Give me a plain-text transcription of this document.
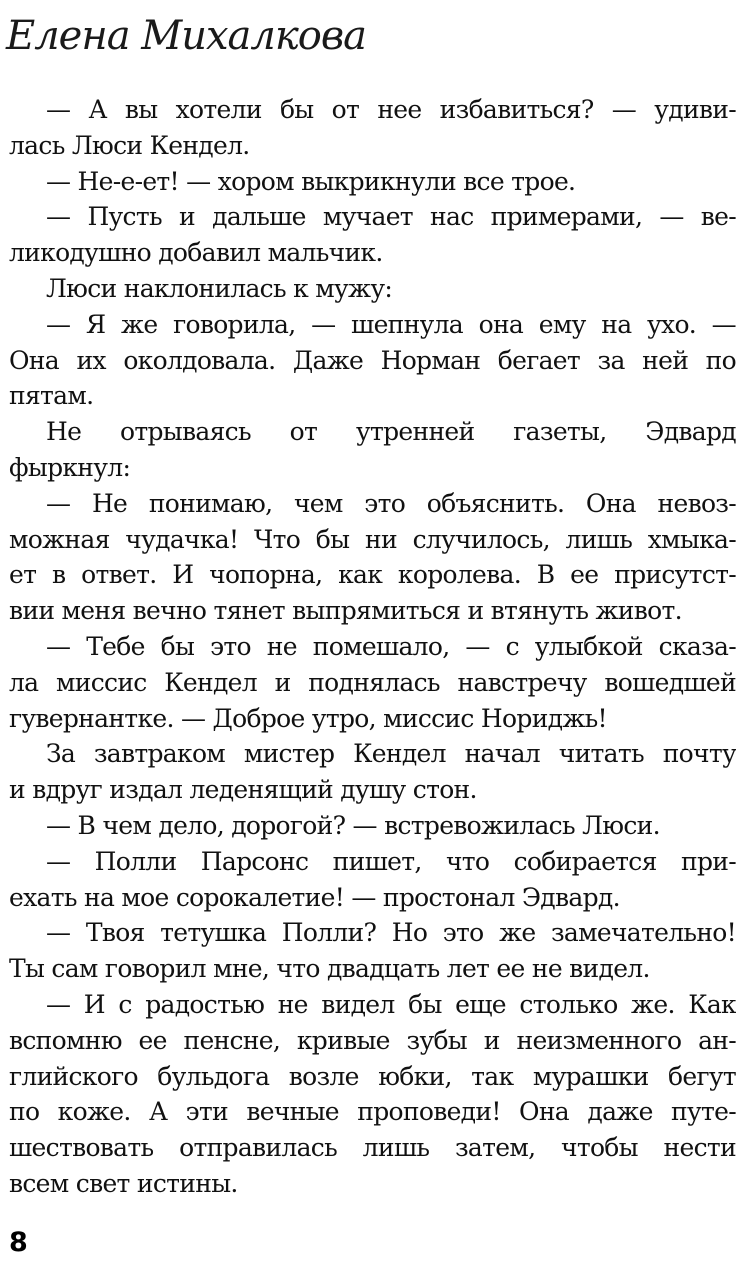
Елена Михалкова
— А вы хотели бы от нее избавиться? — удиви-
лась Люси Кендел.
— Не-е-ет! — хором выкрикнули все трое.
— Пусть и дальше мучает нас примерами, — ве-
ликодушно добавил мальчик.
Люси наклонилась к мужу:
— Я же говорила, — шепнула она ему на ухо. —
Она их околдовала. Даже Норман бегает за ней по
пятам.
Не отрываясь от утренней газеты, Эдвард
фыркнул:
— Не понимаю, чем это объяснить. Она невоз-
можная чудачка! Что бы ни случилось, лишь хмыка-
ет в ответ. И чопорна, как королева. В ее присутст-
вии меня вечно тянет выпрямиться и втянуть живот.
— Тебе бы это не помешало, — с улыбкой сказа-
ла миссис Кендел и поднялась навстречу вошедшей
гувернантке. — Доброе утро, миссис Нориджь!
За завтраком мистер Кендел начал читать почту
и вдруг издал леденящий душу стон.
— В чем дело, дорогой? — встревожилась Люси.
— Полли Парсонс пишет, что собирается при-
ехать на мое сорокалетие! — простонал Эдвард.
— Твоя тетушка Полли? Но это же замечательно!
Ты сам говорил мне, что двадцать лет ее не видел.
— И с радостью не видел бы еще столько же. Как
вспомню ее пенсне, кривые зубы и неизменного ан-
глийского бульдога возле юбки, так мурашки бегут
по коже. А эти вечные проповеди! Она даже путе-
шествовать отправилась лишь затем, чтобы нести
всем свет истины.
8
